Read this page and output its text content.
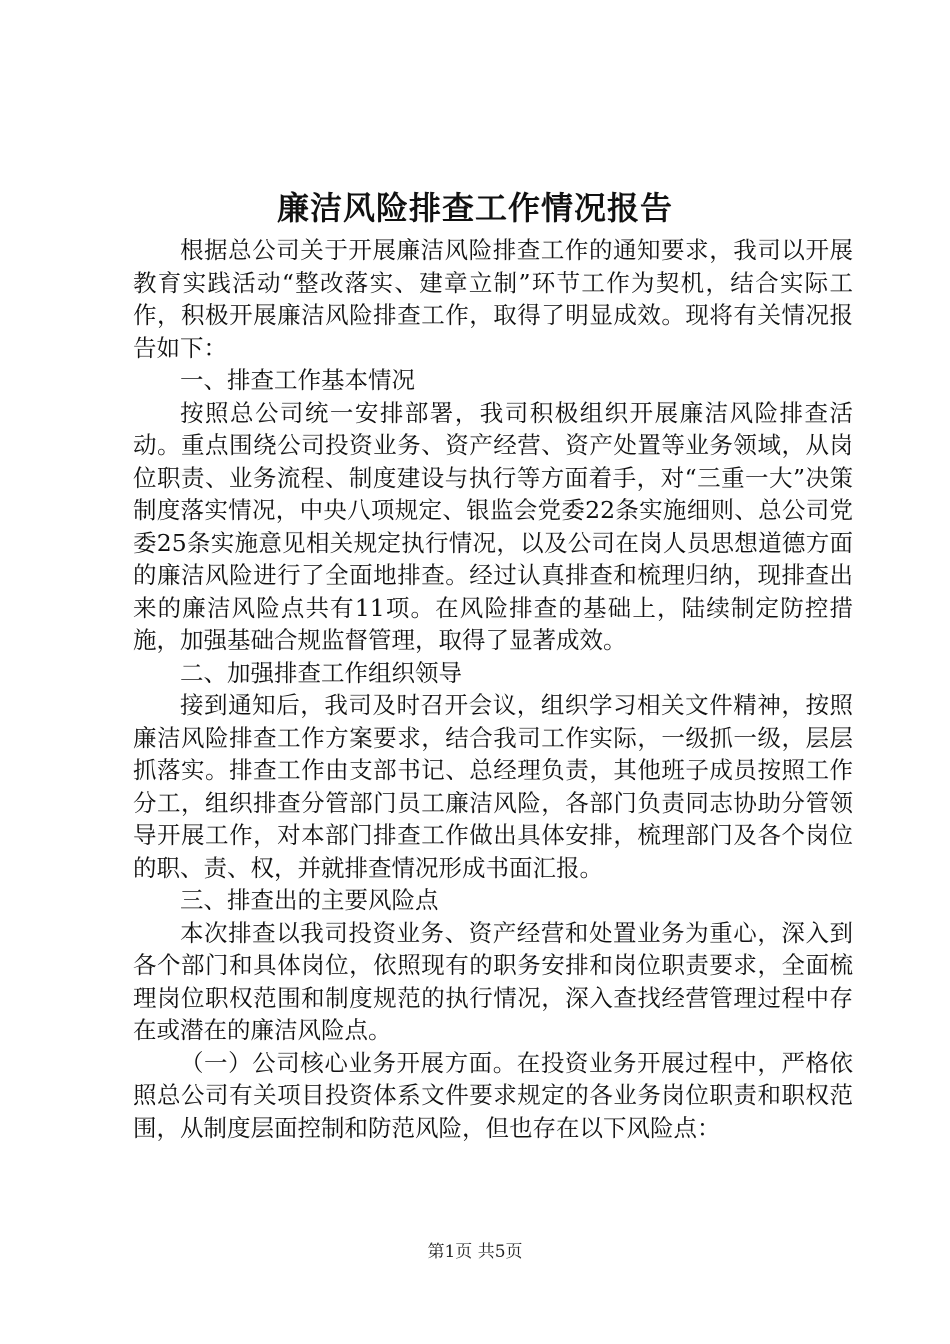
廉洁风险排查工作情况报告

根据总公司关于开展廉洁风险排查工作的通知要求，我司以开展教育实践活动“整改落实、建章立制”环节工作为契机，结合实际工作，积极开展廉洁风险排查工作，取得了明显成效。现将有关情况报告如下：

一、排查工作基本情况

按照总公司统一安排部署，我司积极组织开展廉洁风险排查活动。重点围绕公司投资业务、资产经营、资产处置等业务领域，从岗位职责、业务流程、制度建设与执行等方面着手，对“三重一大”决策制度落实情况，中央八项规定、银监会党委22条实施细则、总公司党委25条实施意见相关规定执行情况，以及公司在岗人员思想道德方面的廉洁风险进行了全面地排查。经过认真排查和梳理归纳，现排查出来的廉洁风险点共有11项。在风险排查的基础上，陆续制定防控措施，加强基础合规监督管理，取得了显著成效。

二、加强排查工作组织领导

接到通知后，我司及时召开会议，组织学习相关文件精神，按照廉洁风险排查工作方案要求，结合我司工作实际，一级抓一级，层层抓落实。排查工作由支部书记、总经理负责，其他班子成员按照工作分工，组织排查分管部门员工廉洁风险，各部门负责同志协助分管领导开展工作，对本部门排查工作做出具体安排，梳理部门及各个岗位的职、责、权，并就排查情况形成书面汇报。

三、排查出的主要风险点

本次排查以我司投资业务、资产经营和处置业务为重心，深入到各个部门和具体岗位，依照现有的职务安排和岗位职责要求，全面梳理岗位职权范围和制度规范的执行情况，深入查找经营管理过程中存在或潜在的廉洁风险点。

（一）公司核心业务开展方面。在投资业务开展过程中，严格依照总公司有关项目投资体系文件要求规定的各业务岗位职责和职权范围，从制度层面控制和防范风险，但也存在以下风险点：

第1页 共5页
